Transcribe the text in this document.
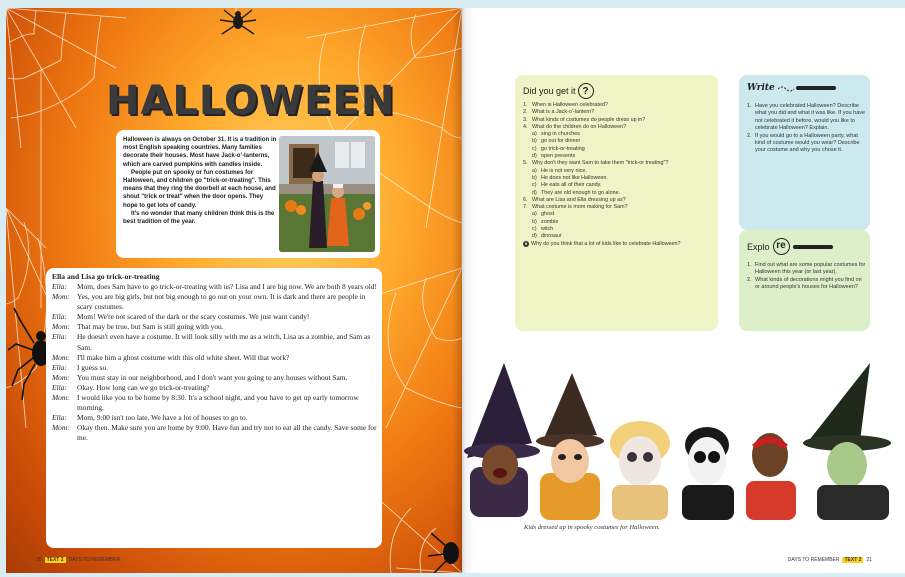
HALLOWEEN

Halloween is always on October 31. It is a tradition in most English speaking countries. Many families decorate their houses. Most have Jack-o'-lanterns, which are carved pumpkins with candles inside.

People put on spooky or fun costumes for Halloween, and children go "trick-or-treating". This means that they ring the doorbell at each house, and shout "trick or treat" when the door opens. They hope to get lots of candy.

It's no wonder that many children think this is the best tradition of the year.

Ella and Lisa go trick-or-treating
Ella:	Mom, does Sam have to go trick-or-treating with us? Lisa and I are big now. We are both 8 years old!
Mom: Yes, you are big girls, but not big enough to go out on your own. It is dark and there are people in scary costumes.
Ella:	Mom! We're not scared of the dark or the scary costumes. We just want candy!
Mom: That may be true, but Sam is still going with you.
Ella:	He doesn't even have a costume. It will look silly with me as a witch, Lisa as a zombie, and Sam as Sam.
Mom: I'll make him a ghost costume with this old white sheet. Will that work?
Ella:	I guess so.
Mom: You must stay in our neighborhood, and I don't want you going to any houses without Sam.
Ella:	Okay. How long can we go trick-or-treating?
Mom: I would like you to be home by 8:30. It's a school night, and you have to get up early tomorrow morning.
Ella:	Mom, 9:00 isn't too late. We have a lot of houses to go to.
Mom: Okay then. Make sure you are home by 9:00. Have fun and try not to eat all the candy. Save some for me.
20	TEXT 2	DAYS TO REMEMBER
Did you get it ?
1. When is Halloween celebrated?
2. What is a Jack-o'-lantern?
3. What kinds of costumes do people dress up in?
4. What do the children do on Halloween?
a) sing in churches
b) go out for dinner
c) go trick-or-treating
d) open presents
5. Why don't they want Sam to take them "trick-or treating"?
a) He is not very nice.
b) He does not like Halloween.
c) He eats all of their candy.
d) They are old enough to go alone.
6. What are Lisa and Ella dressing up as?
7. What costume is mom making for Sam?
a) ghost
b) zombie
c) witch
d) dinosaur
8 Why do you think that a lot of kids like to celebrate Halloween?
Write
1. Have you celebrated Halloween? Describe what you did and what it was like. If you have not celebrated it before, would you like to celebrate Halloween? Explain.
2. If you would go to a Halloween party, what kind of costume would you wear? Describe your costume and why you chose it.
Explo re
1. Find out what are some popular costumes for Halloween this year (or last year).
2. What kinds of decorations might you find on or around people's houses for Halloween?
Kids dressed up in spooky costumes for Halloween.
DAYS TO REMEMBER	TEXT 2	21
